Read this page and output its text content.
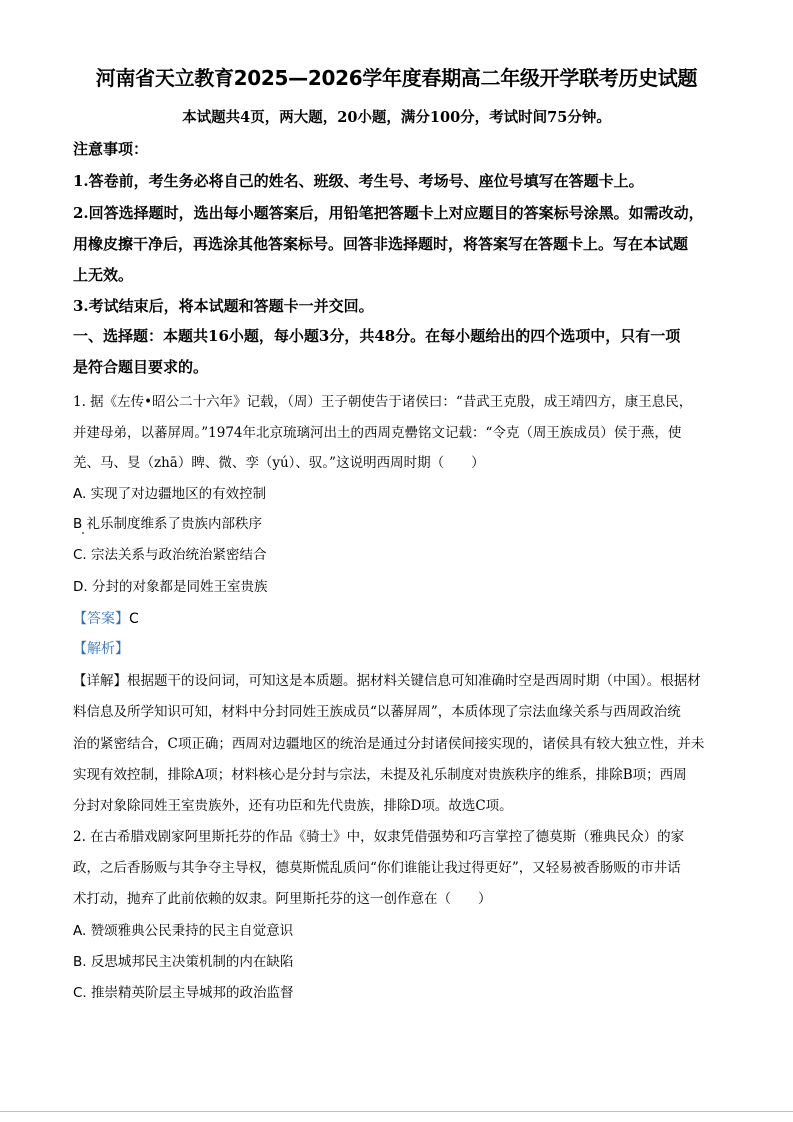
河南省天立教育2025—2026学年度春期高二年级开学联考历史试题
本试题共4页，两大题，20小题，满分100分，考试时间75分钟。
注意事项：
1.答卷前，考生务必将自己的姓名、班级、考生号、考场号、座位号填写在答题卡上。
2.回答选择题时，选出每小题答案后，用铅笔把答题卡上对应题目的答案标号涂黑。如需改动，
用橡皮擦干净后，再选涂其他答案标号。回答非选择题时，将答案写在答题卡上。写在本试题
上无效。
3.考试结束后，将本试题和答题卡一并交回。
一、选择题：本题共16小题，每小题3分，共48分。在每小题给出的四个选项中，只有一项
是符合题目要求的。
1. 据《左传•昭公二十六年》记载，（周）王子朝使告于诸侯曰：“昔武王克殷，成王靖四方，康王息民，
并建母弟，以蕃屏周。”1974年北京琉璃河出土的西周克罍铭文记载：“令克（周王族成员）侯于燕，使
羌、马、𠭁（zhā）睥、微、孪（yú）、驭。”这说明西周时期（　　）
A. 实现了对边疆地区的有效控制
B 礼乐制度维系了贵族内部秩序
C. 宗法关系与政治统治紧密结合
D. 分封的对象都是同姓王室贵族
【答案】C
【解析】
【详解】根据题干的设问词，可知这是本质题。据材料关键信息可知准确时空是西周时期（中国）。根据材
料信息及所学知识可知，材料中分封同姓王族成员“以蕃屏周”，本质体现了宗法血缘关系与西周政治统
治的紧密结合，C项正确；西周对边疆地区的统治是通过分封诸侯间接实现的，诸侯具有较大独立性，并未
实现有效控制，排除A项；材料核心是分封与宗法，未提及礼乐制度对贵族秩序的维系，排除B项；西周
分封对象除同姓王室贵族外，还有功臣和先代贵族，排除D项。故选C项。
2. 在古希腊戏剧家阿里斯托芬的作品《骑士》中，奴隶凭借强势和巧言掌控了德莫斯（雅典民众）的家
政，之后香肠贩与其争夺主导权，德莫斯慌乱质问“你们谁能让我过得更好”，又轻易被香肠贩的市井话
术打动，抛弃了此前依赖的奴隶。阿里斯托芬的这一创作意在（　　）
A. 赞颂雅典公民秉持的民主自觉意识
B. 反思城邦民主决策机制的内在缺陷
C. 推崇精英阶层主导城邦的政治监督
